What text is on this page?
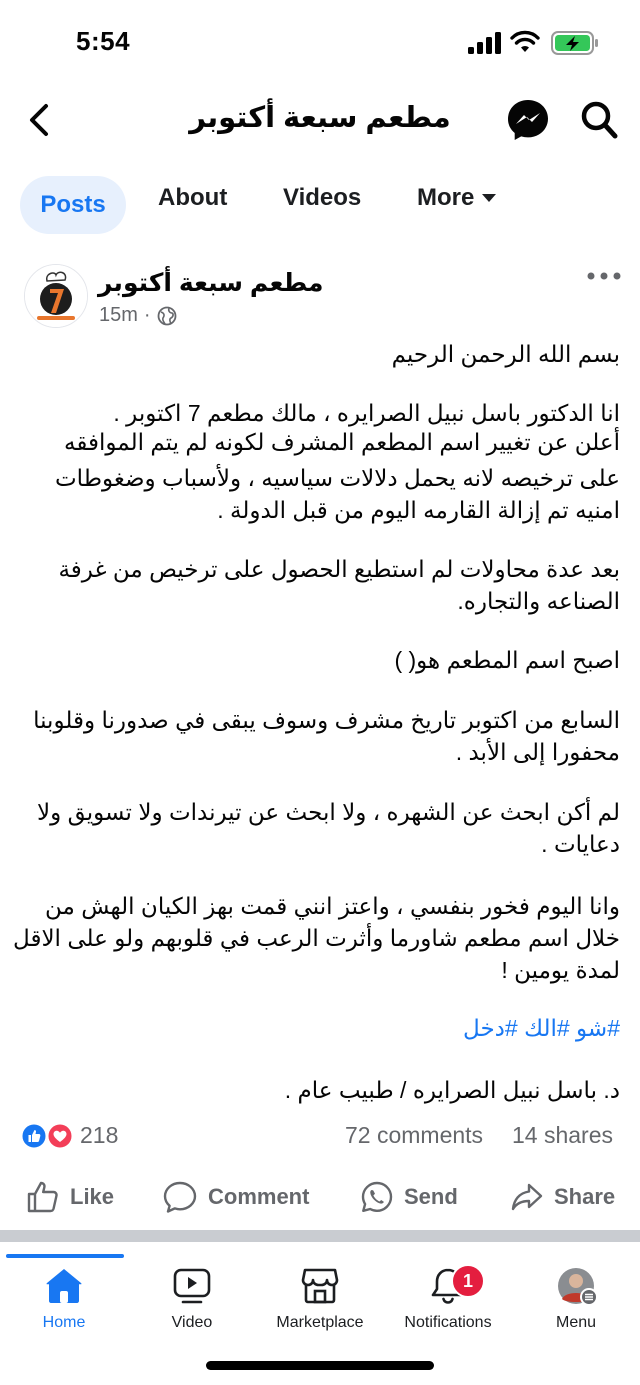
5:54
مطعم سبعة أكتوبر
Posts	About Videos More
مطعم سبعة أكتوبر
15m ·
بسم الله الرحمن الرحيم
انا الدكتور باسل نبيل الصرايره ، مالك مطعم 7 اكتوبر .
أعلن عن تغيير اسم المطعم المشرف لكونه لم يتم الموافقه
على ترخيصه لانه يحمل دلالات سياسيه ، ولأسباب وضغوطات
امنيه تم إزالة القارمه اليوم من قبل الدولة .
بعد عدة محاولات لم استطيع الحصول على ترخيص من غرفة
الصناعه والتجاره.
اصبح اسم المطعم هو( )
السابع من اكتوبر تاريخ مشرف وسوف يبقى في صدورنا وقلوبنا
محفورا إلى الأبد .
لم أكن ابحث عن الشهره ، ولا ابحث عن تيرندات ولا تسويق ولا
دعايات .
وانا اليوم فخور بنفسي ، واعتز انني قمت بهز الكيان الهش من
خلال اسم مطعم شاورما وأثرت الرعب في قلوبهم ولو على الاقل
لمدة يومين !
#شو #الك #دخل
د. باسل نبيل الصرايره / طبيب عام .
218	72 comments 14 shares
Like	Comment	Send	Share
Home	Video	Marketplace
1
Notifications	Menu
